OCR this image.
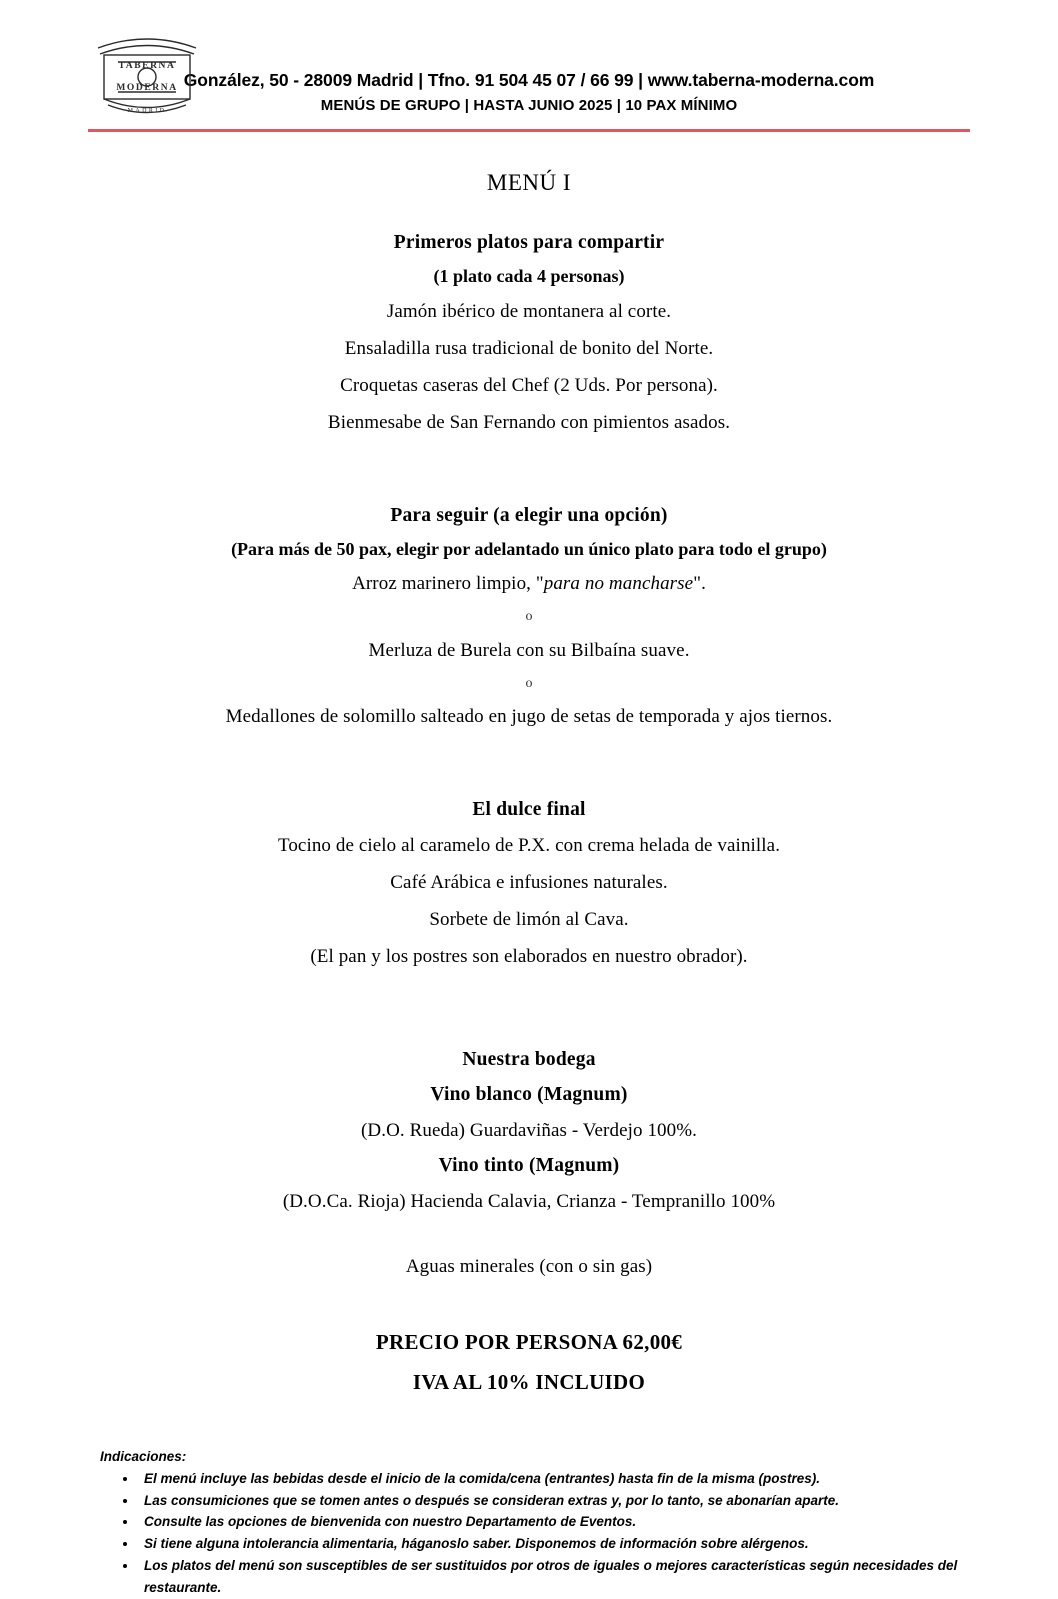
TABERNA
MODERNA
MADRID
González, 50 - 28009 Madrid | Tfno. 91 504 45 07 / 66 99 | www.taberna-moderna.com
MENÚS DE GRUPO | HASTA JUNIO 2025 | 10 PAX MÍNIMO
MENÚ I
Primeros platos para compartir
(1 plato cada 4 personas)
Jamón ibérico de montanera al corte.
Ensaladilla rusa tradicional de bonito del Norte.
Croquetas caseras del Chef (2 Uds. Por persona).
Bienmesabe de San Fernando con pimientos asados.
Para seguir (a elegir una opción)
(Para más de 50 pax, elegir por adelantado un único plato para todo el grupo)
Arroz marinero limpio, "para no mancharse".
o
Merluza de Burela con su Bilbaína suave.
o
Medallones de solomillo salteado en jugo de setas de temporada y ajos tiernos.
El dulce final
Tocino de cielo al caramelo de P.X. con crema helada de vainilla.
Café Arábica e infusiones naturales.
Sorbete de limón al Cava.
(El pan y los postres son elaborados en nuestro obrador).
Nuestra bodega
Vino blanco (Magnum)
(D.O. Rueda) Guardaviñas - Verdejo 100%.
Vino tinto (Magnum)
(D.O.Ca. Rioja) Hacienda Calavia, Crianza - Tempranillo 100%
Aguas minerales (con o sin gas)
PRECIO POR PERSONA 62,00€
IVA AL 10% INCLUIDO
Indicaciones:
• El menú incluye las bebidas desde el inicio de la comida/cena (entrantes) hasta fin de la misma (postres).
• Las consumiciones que se tomen antes o después se consideran extras y, por lo tanto, se abonarían aparte.
• Consulte las opciones de bienvenida con nuestro Departamento de Eventos.
• Si tiene alguna intolerancia alimentaria, háganoslo saber. Disponemos de información sobre alérgenos.
• Los platos del menú son susceptibles de ser sustituidos por otros de iguales o mejores características según necesidades del restaurante.
